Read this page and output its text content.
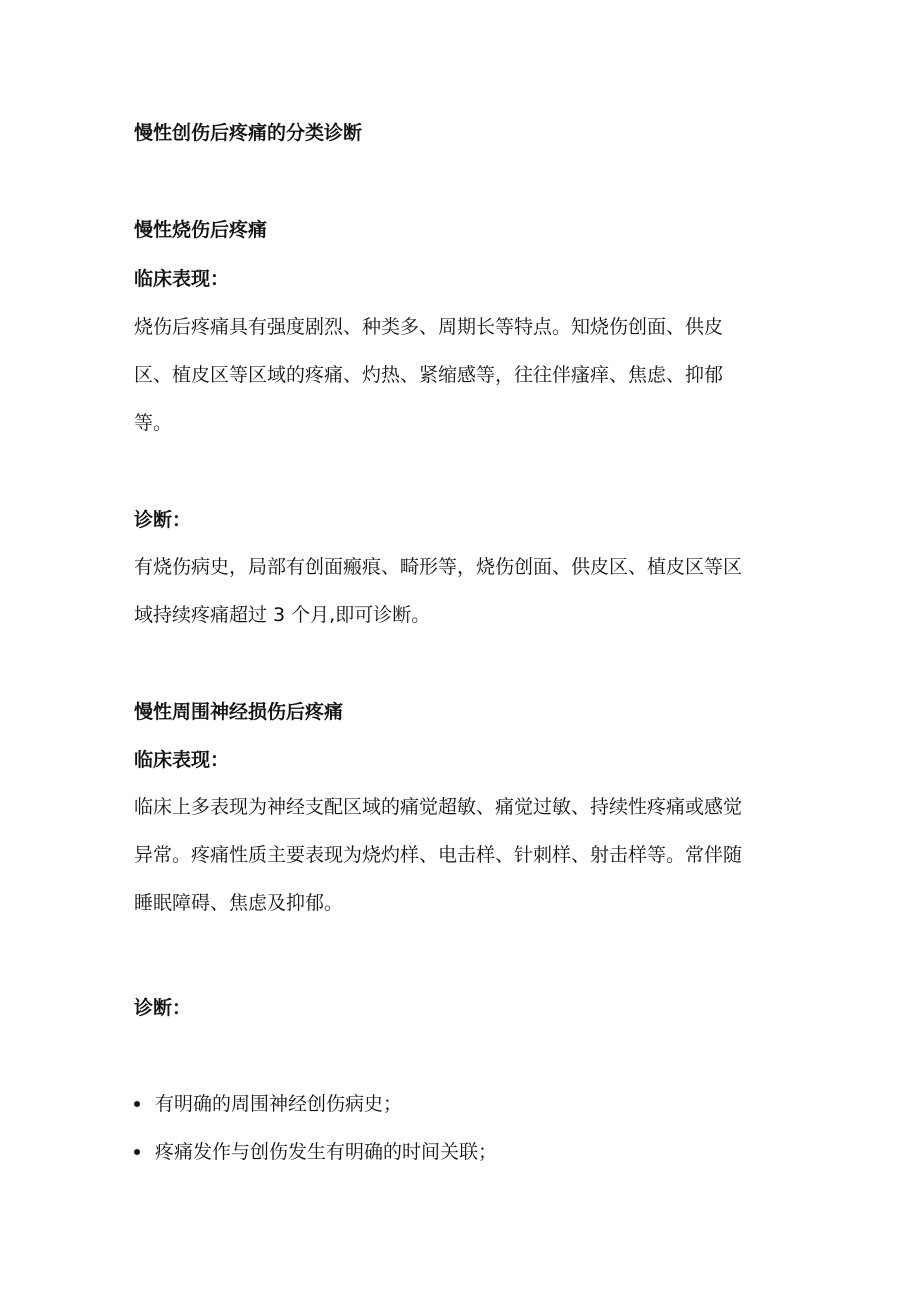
慢性创伤后疼痛的分类诊断
慢性烧伤后疼痛

临床表现：

烧伤后疼痛具有强度剧烈、种类多、周期长等特点。知烧伤创面、供皮

区、植皮区等区域的疼痛、灼热、紧缩感等，往往伴瘙痒、焦虑、抑郁

等。

诊断：

有烧伤病史，局部有创面瘢痕、畸形等，烧伤创面、供皮区、植皮区等区

域持续疼痛超过 3 个月,即可诊断。

慢性周围神经损伤后疼痛

临床表现：

临床上多表现为神经支配区域的痛觉超敏、痛觉过敏、持续性疼痛或感觉

异常。疼痛性质主要表现为烧灼样、电击样、针刺样、射击样等。常伴随

睡眠障碍、焦虑及抑郁。

诊断：

有明确的周围神经创伤病史；

疼痛发作与创伤发生有明确的时间关联；
